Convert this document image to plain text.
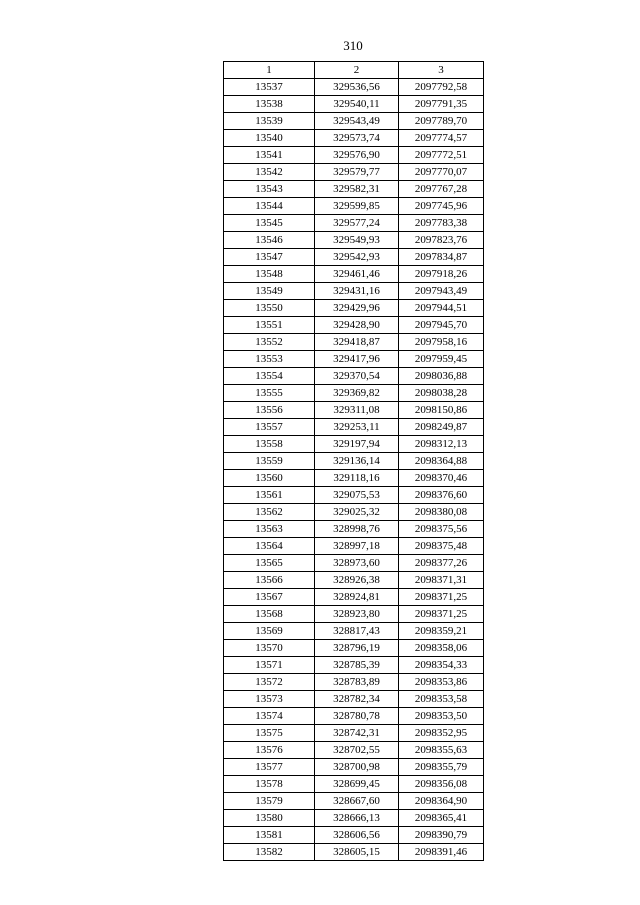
310
1	2	3
13537	329536,56	2097792,58
13538	329540,11	2097791,35
13539	329543,49	2097789,70
13540	329573,74	2097774,57
13541	329576,90	2097772,51
13542	329579,77	2097770,07
13543	329582,31	2097767,28
13544	329599,85	2097745,96
13545	329577,24	2097783,38
13546	329549,93	2097823,76
13547	329542,93	2097834,87
13548	329461,46	2097918,26
13549	329431,16	2097943,49
13550	329429,96	2097944,51
13551	329428,90	2097945,70
13552	329418,87	2097958,16
13553	329417,96	2097959,45
13554	329370,54	2098036,88
13555	329369,82	2098038,28
13556	329311,08	2098150,86
13557	329253,11	2098249,87
13558	329197,94	2098312,13
13559	329136,14	2098364,88
13560	329118,16	2098370,46
13561	329075,53	2098376,60
13562	329025,32	2098380,08
13563	328998,76	2098375,56
13564	328997,18	2098375,48
13565	328973,60	2098377,26
13566	328926,38	2098371,31
13567	328924,81	2098371,25
13568	328923,80	2098371,25
13569	328817,43	2098359,21
13570	328796,19	2098358,06
13571	328785,39	2098354,33
13572	328783,89	2098353,86
13573	328782,34	2098353,58
13574	328780,78	2098353,50
13575	328742,31	2098352,95
13576	328702,55	2098355,63
13577	328700,98	2098355,79
13578	328699,45	2098356,08
13579	328667,60	2098364,90
13580	328666,13	2098365,41
13581	328606,56	2098390,79
13582	328605,15	2098391,46
